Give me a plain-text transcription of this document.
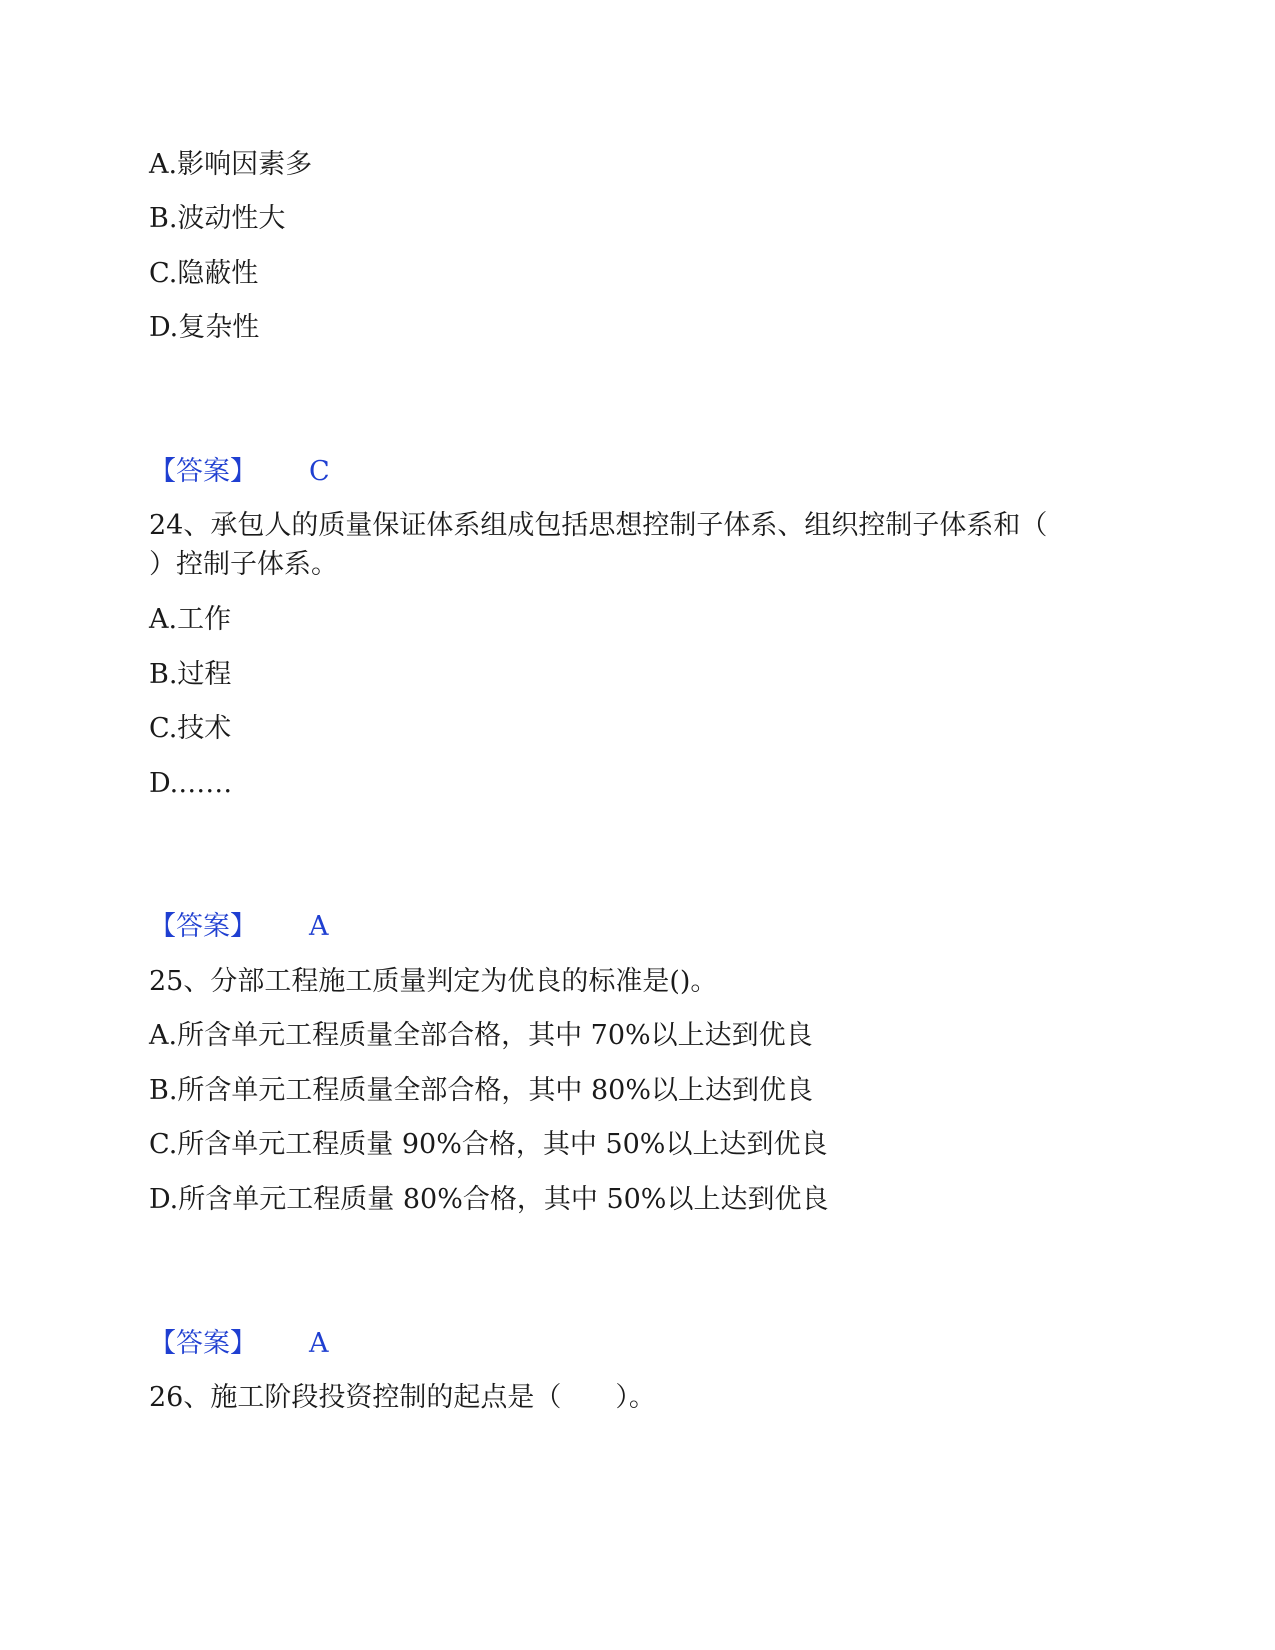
A.影响因素多
B.波动性大
C.隐蔽性
D.复杂性
【答案】 C
24、承包人的质量保证体系组成包括思想控制子体系、组织控制子体系和（
）控制子体系。
A.工作
B.过程
C.技术
D.……
【答案】 A
25、分部工程施工质量判定为优良的标准是()。
A.所含单元工程质量全部合格，其中 70%以上达到优良
B.所含单元工程质量全部合格，其中 80%以上达到优良
C.所含单元工程质量 90%合格，其中 50%以上达到优良
D.所含单元工程质量 80%合格，其中 50%以上达到优良
【答案】 A
26、施工阶段投资控制的起点是（　　）。
